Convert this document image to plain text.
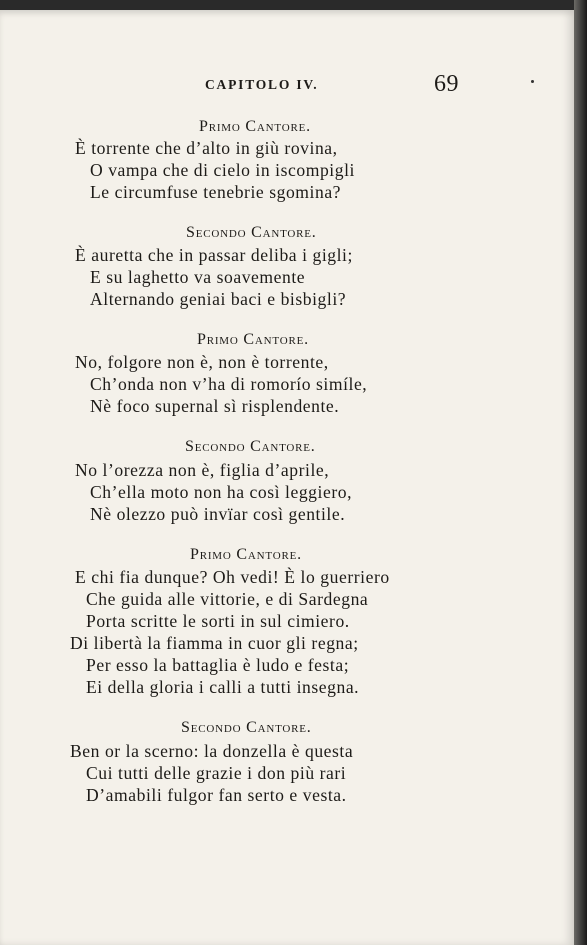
CAPITOLO IV.	69
Primo Cantore.
È torrente che d’alto in giù rovina,
O vampa che di cielo in iscompigli
Le circumfuse tenebrie sgomina?
Secondo Cantore.
È auretta che in passar deliba i gigli;
E su laghetto va soavemente
Alternando geniai baci e bisbigli?
Primo Cantore.
No, folgore non è, non è torrente,
Ch’onda non v’ha di romorío simíle,
Nè foco supernal sì risplendente.
Secondo Cantore.
No l’orezza non è, figlia d’aprile,
Ch’ella moto non ha così leggiero,
Nè olezzo può invïar così gentile.
Primo Cantore.
E chi fia dunque? Oh vedi! È lo guerriero
Che guida alle vittorie, e di Sardegna
Porta scritte le sorti in sul cimiero.
Di libertà la fiamma in cuor gli regna;
Per esso la battaglia è ludo e festa;
Ei della gloria i calli a tutti insegna.
Secondo Cantore.
Ben or la scerno: la donzella è questa
Cui tutti delle grazie i don più rari
D’amabili fulgor fan serto e vesta.
